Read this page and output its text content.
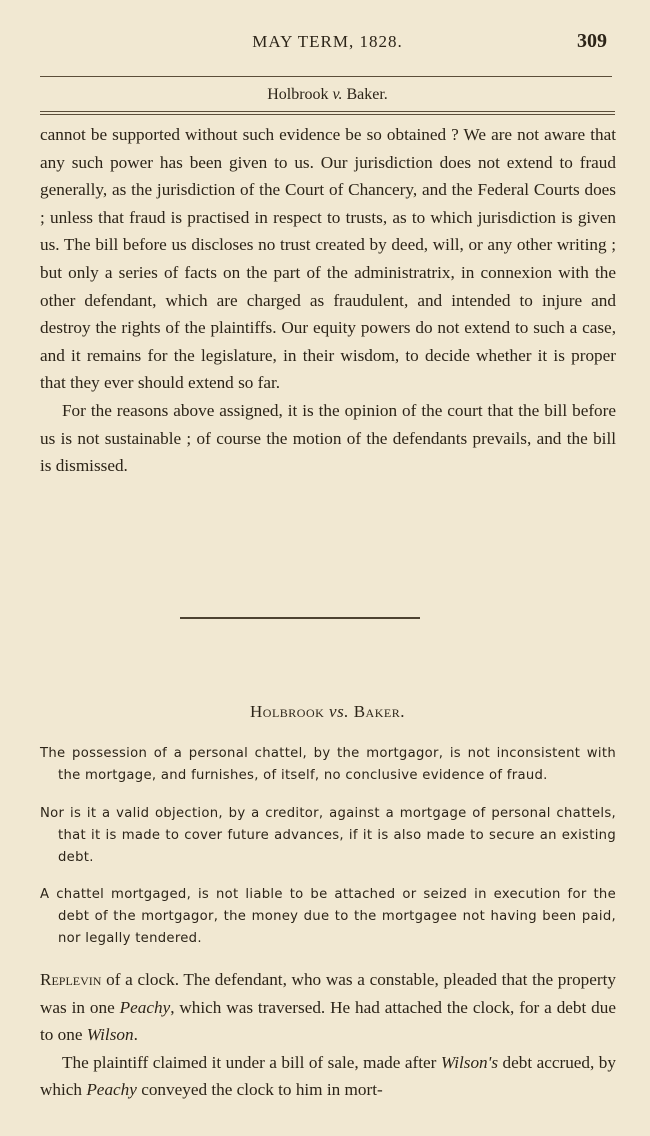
MAY TERM, 1828.	309
Holbrook v. Baker.

cannot be supported without such evidence be so obtained ? We are not aware that any such power has been given to us. Our jurisdiction does not extend to fraud generally, as the jurisdiction of the Court of Chancery, and the Federal Courts does ; unless that fraud is practised in respect to trusts, as to which jurisdiction is given us. The bill before us discloses no trust created by deed, will, or any other writing ; but only a series of facts on the part of the administratrix, in connexion with the other defendant, which are charged as fraudulent, and intended to injure and destroy the rights of the plaintiffs. Our equity powers do not extend to such a case, and it remains for the legislature, in their wisdom, to decide whether it is proper that they ever should extend so far.

For the reasons above assigned, it is the opinion of the court that the bill before us is not sustainable ; of course the motion of the defendants prevails, and the bill is dismissed.

Holbrook vs. Baker.
The possession of a personal chattel, by the mortgagor, is not inconsistent with the mortgage, and furnishes, of itself, no conclusive evidence of fraud.
Nor is it a valid objection, by a creditor, against a mortgage of personal chattels, that it is made to cover future advances, if it is also made to secure an existing debt.
A chattel mortgaged, is not liable to be attached or seized in execution for the debt of the mortgagor, the money due to the mortgagee not having been paid, nor legally tendered.

Replevin of a clock. The defendant, who was a constable, pleaded that the property was in one Peachy, which was traversed. He had attached the clock, for a debt due to one Wilson.

The plaintiff claimed it under a bill of sale, made after Wilson's debt accrued, by which Peachy conveyed the clock to him in mort-
